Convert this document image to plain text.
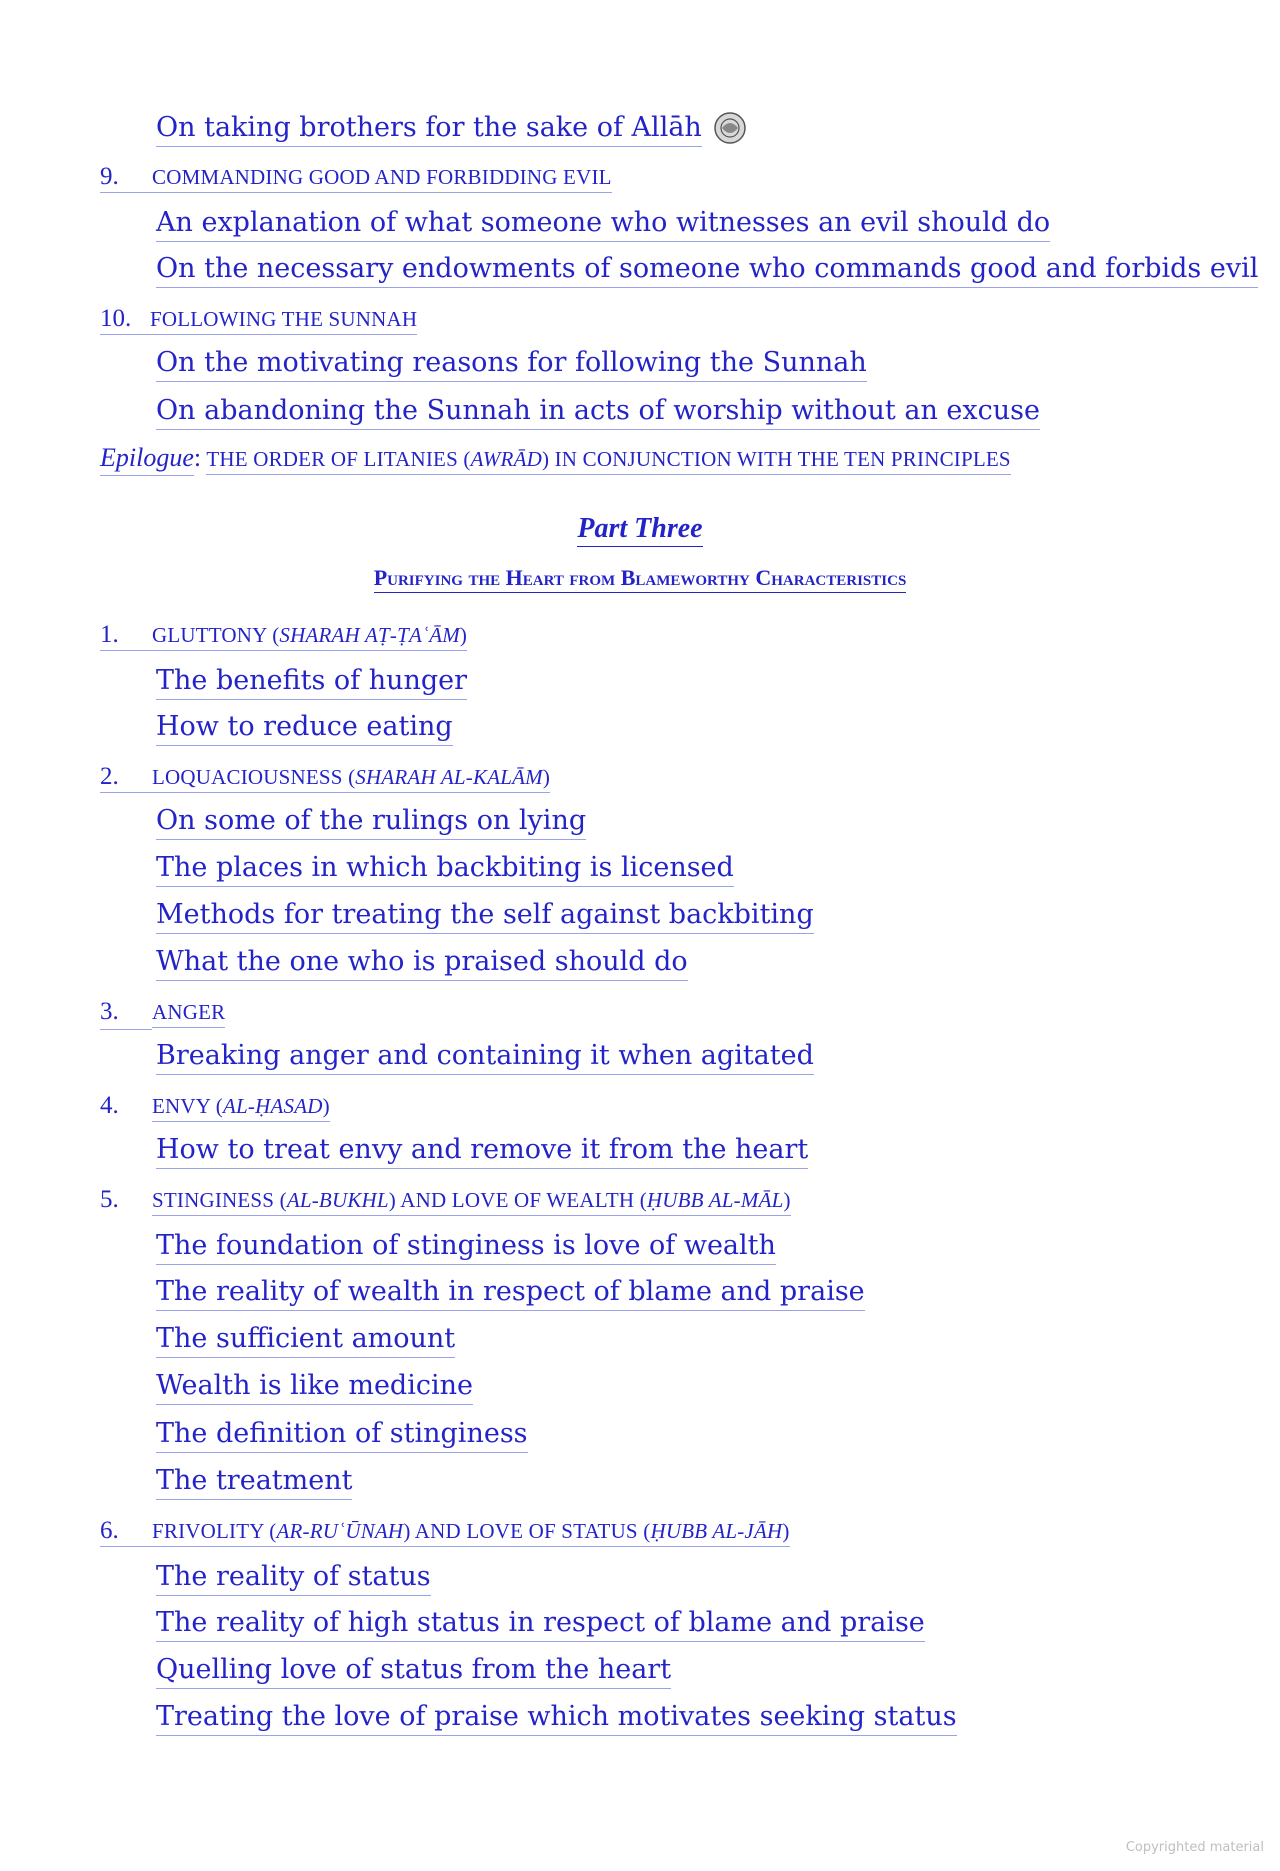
On taking brothers for the sake of Allāh
9. COMMANDING GOOD AND FORBIDDING EVIL
An explanation of what someone who witnesses an evil should do
On the necessary endowments of someone who commands good and forbids evil
10. FOLLOWING THE SUNNAH
On the motivating reasons for following the Sunnah
On abandoning the Sunnah in acts of worship without an excuse
Epilogue: THE ORDER OF LITANIES (AWRĀD) IN CONJUNCTION WITH THE TEN PRINCIPLES
Part Three
Purifying the Heart from Blameworthy Characteristics
1. GLUTTONY (SHARAH AṬ-ṬAʿĀM)
The benefits of hunger
How to reduce eating
2. LOQUACIOUSNESS (SHARAH AL-KALĀM)
On some of the rulings on lying
The places in which backbiting is licensed
Methods for treating the self against backbiting
What the one who is praised should do
3. ANGER
Breaking anger and containing it when agitated
4. ENVY (AL-ḤASAD)
How to treat envy and remove it from the heart
5. STINGINESS (AL-BUKHL) AND LOVE OF WEALTH (ḤUBB AL-MĀL)
The foundation of stinginess is love of wealth
The reality of wealth in respect of blame and praise
The sufficient amount
Wealth is like medicine
The definition of stinginess
The treatment
6. FRIVOLITY (AR-RUʿŪNAH) AND LOVE OF STATUS (ḤUBB AL-JĀH)
The reality of status
The reality of high status in respect of blame and praise
Quelling love of status from the heart
Treating the love of praise which motivates seeking status
Copyrighted material
